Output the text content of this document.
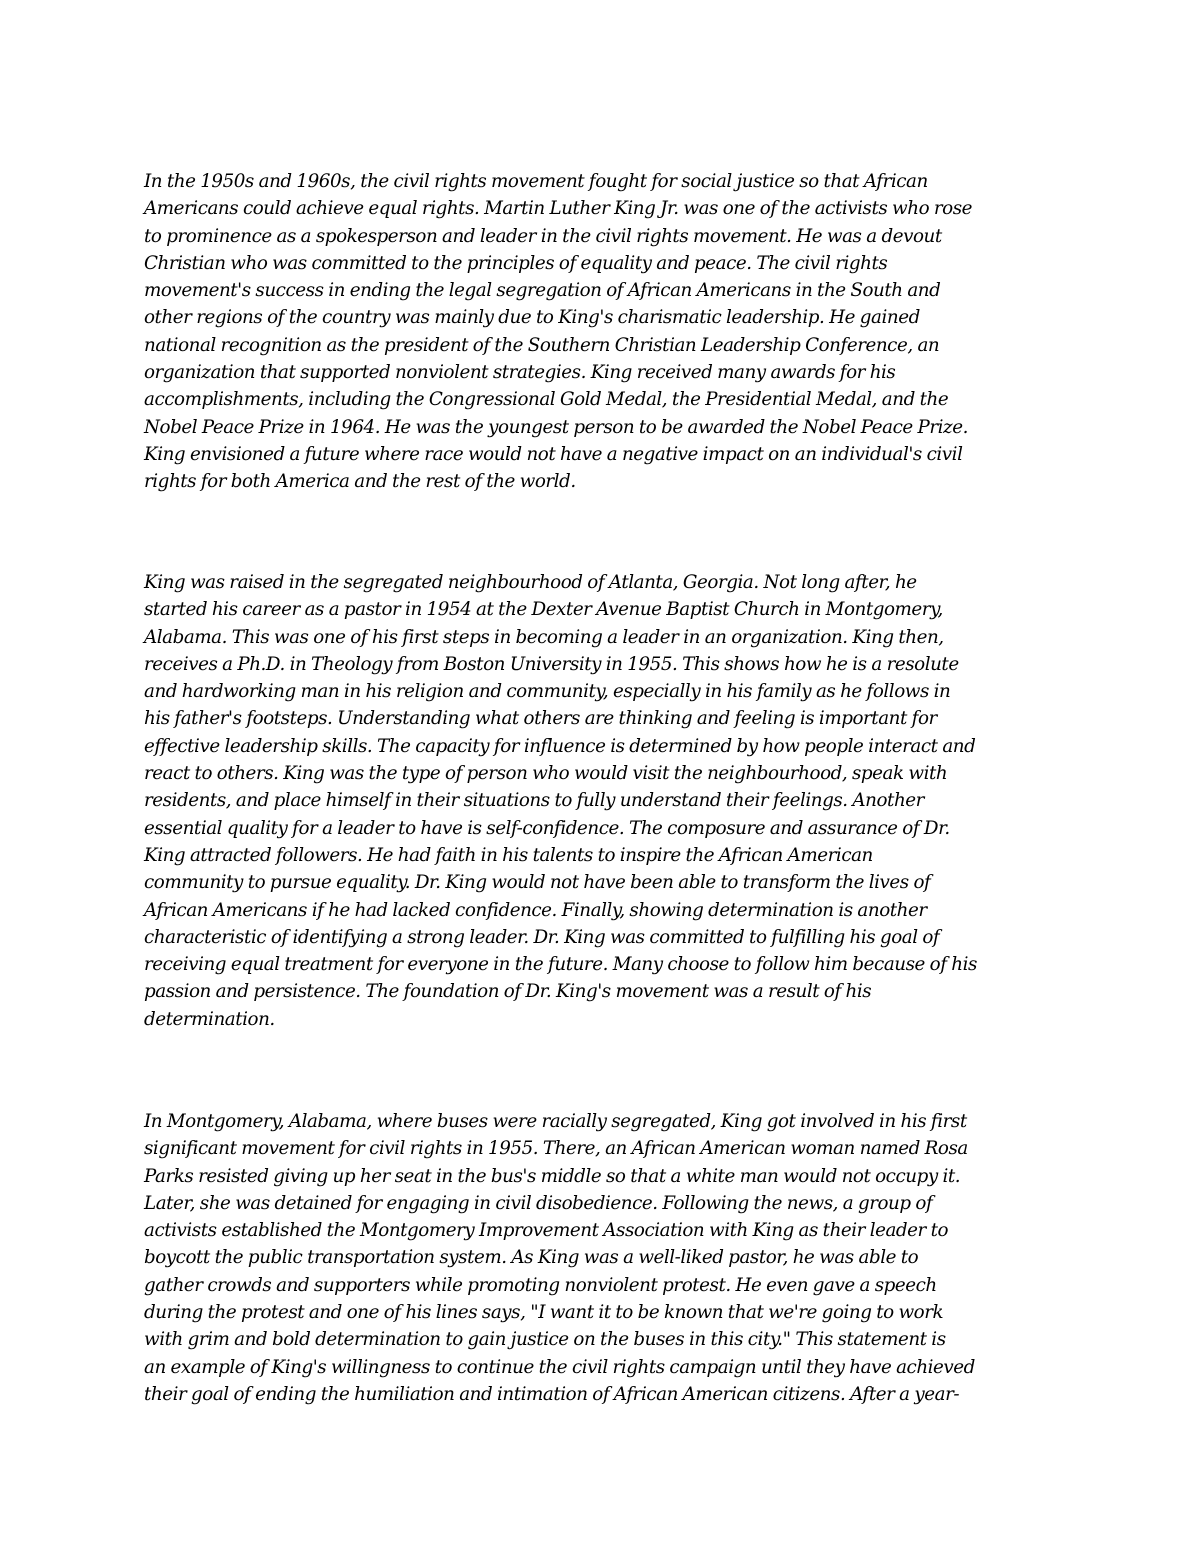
In the 1950s and 1960s, the civil rights movement fought for social justice so that African
Americans could achieve equal rights. Martin Luther King Jr. was one of the activists who rose
to prominence as a spokesperson and leader in the civil rights movement. He was a devout
Christian who was committed to the principles of equality and peace. The civil rights
movement's success in ending the legal segregation of African Americans in the South and
other regions of the country was mainly due to King's charismatic leadership. He gained
national recognition as the president of the Southern Christian Leadership Conference, an
organization that supported nonviolent strategies. King received many awards for his
accomplishments, including the Congressional Gold Medal, the Presidential Medal, and the
Nobel Peace Prize in 1964. He was the youngest person to be awarded the Nobel Peace Prize.
King envisioned a future where race would not have a negative impact on an individual's civil
rights for both America and the rest of the world.

King was raised in the segregated neighbourhood of Atlanta, Georgia. Not long after, he
started his career as a pastor in 1954 at the Dexter Avenue Baptist Church in Montgomery,
Alabama. This was one of his first steps in becoming a leader in an organization. King then,
receives a Ph.D. in Theology from Boston University in 1955. This shows how he is a resolute
and hardworking man in his religion and community, especially in his family as he follows in
his father's footsteps. Understanding what others are thinking and feeling is important for
effective leadership skills. The capacity for influence is determined by how people interact and
react to others. King was the type of person who would visit the neighbourhood, speak with
residents, and place himself in their situations to fully understand their feelings. Another
essential quality for a leader to have is self-confidence. The composure and assurance of Dr.
King attracted followers. He had faith in his talents to inspire the African American
community to pursue equality. Dr. King would not have been able to transform the lives of
African Americans if he had lacked confidence. Finally, showing determination is another
characteristic of identifying a strong leader. Dr. King was committed to fulfilling his goal of
receiving equal treatment for everyone in the future. Many choose to follow him because of his
passion and persistence. The foundation of Dr. King's movement was a result of his
determination.

In Montgomery, Alabama, where buses were racially segregated, King got involved in his first
significant movement for civil rights in 1955. There, an African American woman named Rosa
Parks resisted giving up her seat in the bus's middle so that a white man would not occupy it.
Later, she was detained for engaging in civil disobedience. Following the news, a group of
activists established the Montgomery Improvement Association with King as their leader to
boycott the public transportation system. As King was a well-liked pastor, he was able to
gather crowds and supporters while promoting nonviolent protest. He even gave a speech
during the protest and one of his lines says, "I want it to be known that we're going to work
with grim and bold determination to gain justice on the buses in this city." This statement is
an example of King's willingness to continue the civil rights campaign until they have achieved
their goal of ending the humiliation and intimation of African American citizens. After a year-
